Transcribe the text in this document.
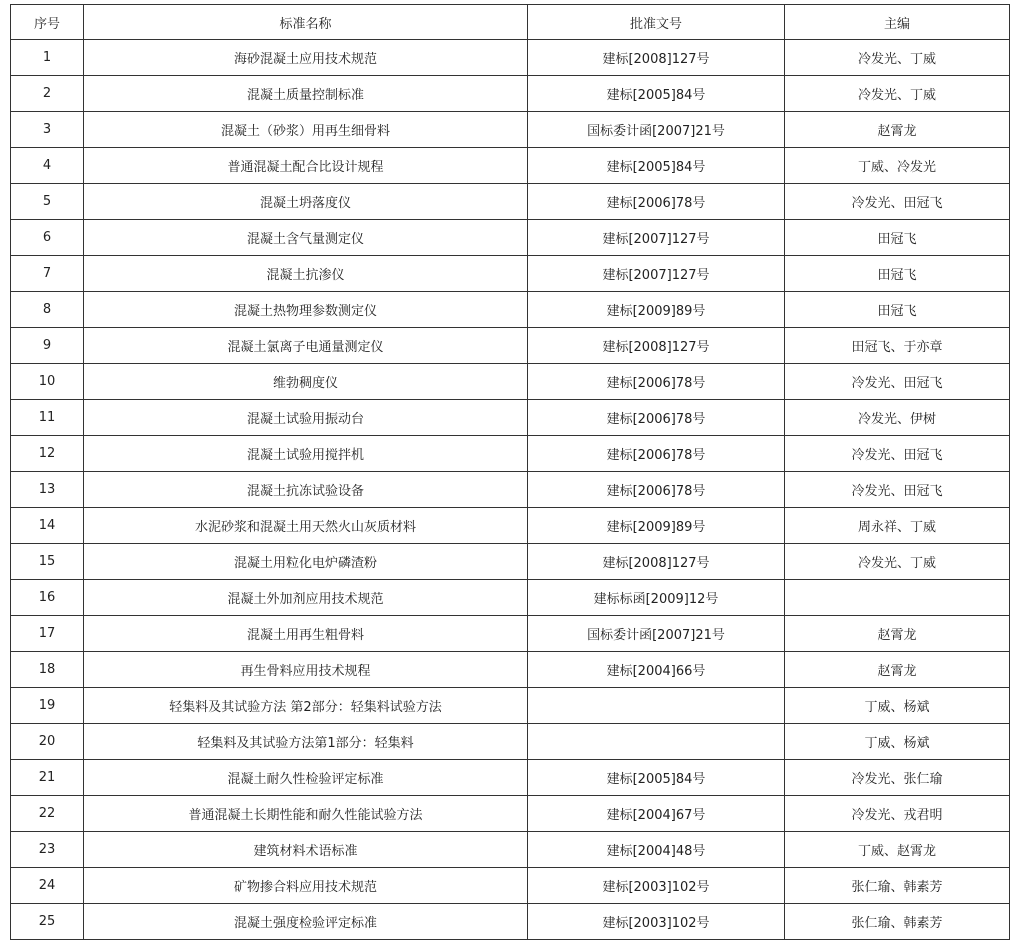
序号	标准名称	批准文号	主编
1	海砂混凝土应用技术规范	建标[2008]127号	冷发光、丁威
2	混凝土质量控制标准	建标[2005]84号	冷发光、丁威
3	混凝土（砂浆）用再生细骨料	国标委计函[2007]21号	赵霄龙
4	普通混凝土配合比设计规程	建标[2005]84号	丁威、冷发光
5	混凝土坍落度仪	建标[2006]78号	冷发光、田冠飞
6	混凝土含气量测定仪	建标[2007]127号	田冠飞
7	混凝土抗渗仪	建标[2007]127号	田冠飞
8	混凝土热物理参数测定仪	建标[2009]89号	田冠飞
9	混凝土氯离子电通量测定仪	建标[2008]127号	田冠飞、于亦章
10	维勃稠度仪	建标[2006]78号	冷发光、田冠飞
11	混凝土试验用振动台	建标[2006]78号	冷发光、伊树
12	混凝土试验用搅拌机	建标[2006]78号	冷发光、田冠飞
13	混凝土抗冻试验设备	建标[2006]78号	冷发光、田冠飞
14	水泥砂浆和混凝土用天然火山灰质材料	建标[2009]89号	周永祥、丁威
15	混凝土用粒化电炉磷渣粉	建标[2008]127号	冷发光、丁威
16	混凝土外加剂应用技术规范	建标标函[2009]12号	
17	混凝土用再生粗骨料	国标委计函[2007]21号	赵霄龙
18	再生骨料应用技术规程	建标[2004]66号	赵霄龙
19	轻集料及其试验方法 第2部分：轻集料试验方法		丁威、杨斌
20	轻集料及其试验方法第1部分：轻集料		丁威、杨斌
21	混凝土耐久性检验评定标准	建标[2005]84号	冷发光、张仁瑜
22	普通混凝土长期性能和耐久性能试验方法	建标[2004]67号	冷发光、戎君明
23	建筑材料术语标准	建标[2004]48号	丁威、赵霄龙
24	矿物掺合料应用技术规范	建标[2003]102号	张仁瑜、韩素芳
25	混凝土强度检验评定标准	建标[2003]102号	张仁瑜、韩素芳
